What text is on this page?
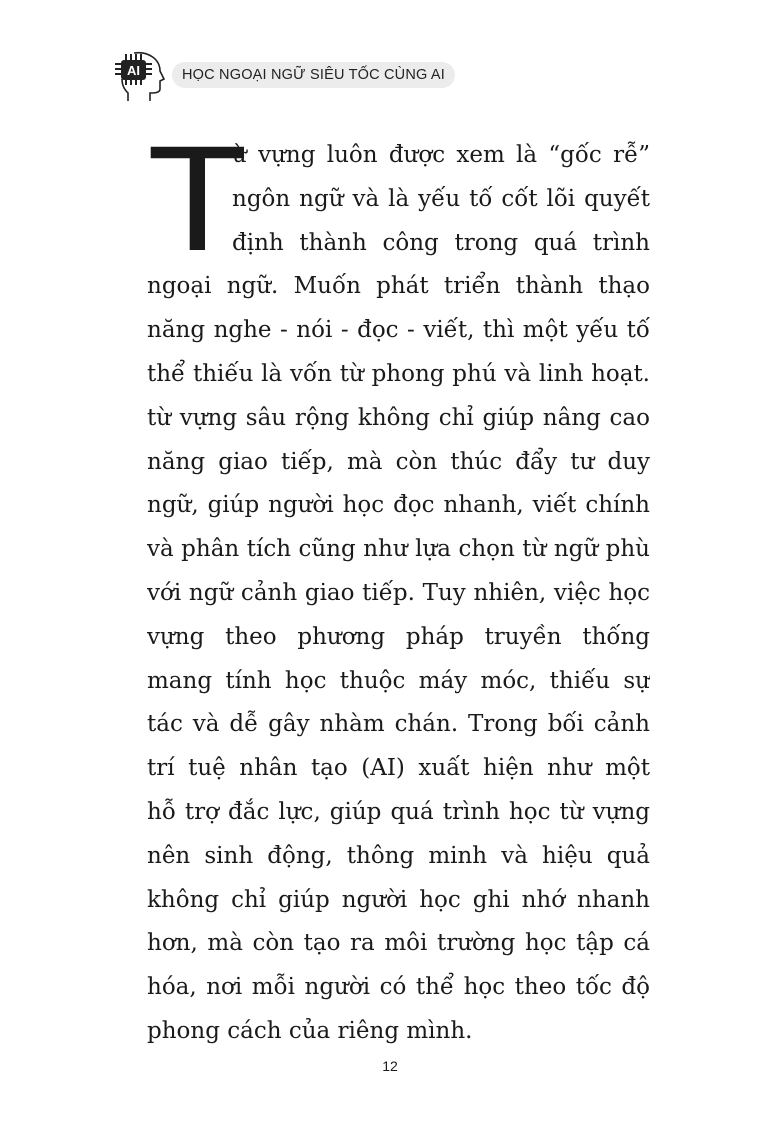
AI	HỌC NGOẠI NGỮ SIÊU TỐC CÙNG AI
T
ừ vựng luôn được xem là “gốc rễ”
ngôn ngữ và là yếu tố cốt lõi quyết
định thành công trong quá trình
ngoại ngữ. Muốn phát triển thành thạo
năng nghe - nói - đọc - viết, thì một yếu tố
thể thiếu là vốn từ phong phú và linh hoạt.
từ vựng sâu rộng không chỉ giúp nâng cao
năng giao tiếp, mà còn thúc đẩy tư duy
ngữ, giúp người học đọc nhanh, viết chính
và phân tích cũng như lựa chọn từ ngữ phù
với ngữ cảnh giao tiếp. Tuy nhiên, việc học
vựng theo phương pháp truyền thống
mang tính học thuộc máy móc, thiếu sự
tác và dễ gây nhàm chán. Trong bối cảnh
trí tuệ nhân tạo (AI) xuất hiện như một
hỗ trợ đắc lực, giúp quá trình học từ vựng
nên sinh động, thông minh và hiệu quả
không chỉ giúp người học ghi nhớ nhanh
hơn, mà còn tạo ra môi trường học tập cá
hóa, nơi mỗi người có thể học theo tốc độ
phong cách của riêng mình.
12
